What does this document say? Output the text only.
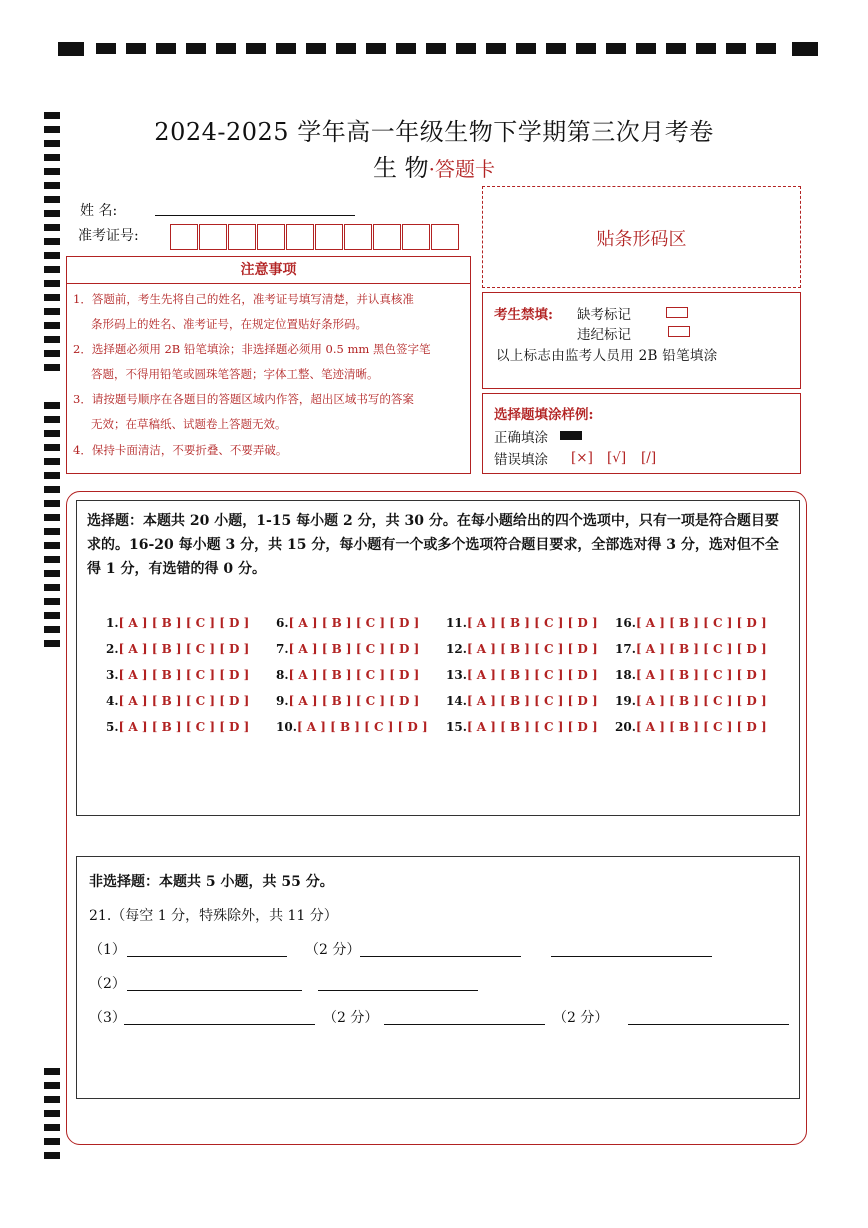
2024-2025 学年高一年级生物下学期第三次月考卷
生 物·答题卡
姓 名:
准考证号:	贴条形码区
注意事项
1．答题前，考生先将自己的姓名，准考证号填写清楚，并认真核准
条形码上的姓名、准考证号，在规定位置贴好条形码。
2．选择题必须用 2B 铅笔填涂；非选择题必须用 0.5 mm 黑色签字笔
答题，不得用铅笔或圆珠笔答题；字体工整、笔迹清晰。
3．请按题号顺序在各题目的答题区域内作答，超出区域书写的答案
无效；在草稿纸、试题卷上答题无效。
4．保持卡面清洁，不要折叠、不要弄破。
考生禁填: 缺考标记
违纪标记
以上标志由监考人员用 2B 铅笔填涂
选择题填涂样例:
正确填涂
错误填涂 [×] [√] [/]
选择题：本题共 20 小题，1-15 每小题 2 分，共 30 分。在每小题给出的四个选项中，只有一项是符合题目要求的。16-20 每小题 3 分，共 15 分，每小题有一个或多个选项符合题目要求，全部选对得 3 分，选对但不全得 1 分，有选错的得 0 分。
1.[ A ] [ B ] [ C ] [ D ]
2.[ A ] [ B ] [ C ] [ D ]
3.[ A ] [ B ] [ C ] [ D ]
4.[ A ] [ B ] [ C ] [ D ]
5.[ A ] [ B ] [ C ] [ D ]
6.[ A ] [ B ] [ C ] [ D ]
7.[ A ] [ B ] [ C ] [ D ]
8.[ A ] [ B ] [ C ] [ D ]
9.[ A ] [ B ] [ C ] [ D ]
10.[ A ] [ B ] [ C ] [ D ]
11.[ A ] [ B ] [ C ] [ D ]
12.[ A ] [ B ] [ C ] [ D ]
13.[ A ] [ B ] [ C ] [ D ]
14.[ A ] [ B ] [ C ] [ D ]
15.[ A ] [ B ] [ C ] [ D ]
16.[ A ] [ B ] [ C ] [ D ]
17.[ A ] [ B ] [ C ] [ D ]
18.[ A ] [ B ] [ C ] [ D ]
19.[ A ] [ B ] [ C ] [ D ]
20.[ A ] [ B ] [ C ] [ D ]
非选择题：本题共 5 小题，共 55 分。
21.（每空 1 分，特殊除外，共 11 分）
（1）	（2 分）
（2）
（3）	（2 分）	（2 分）
